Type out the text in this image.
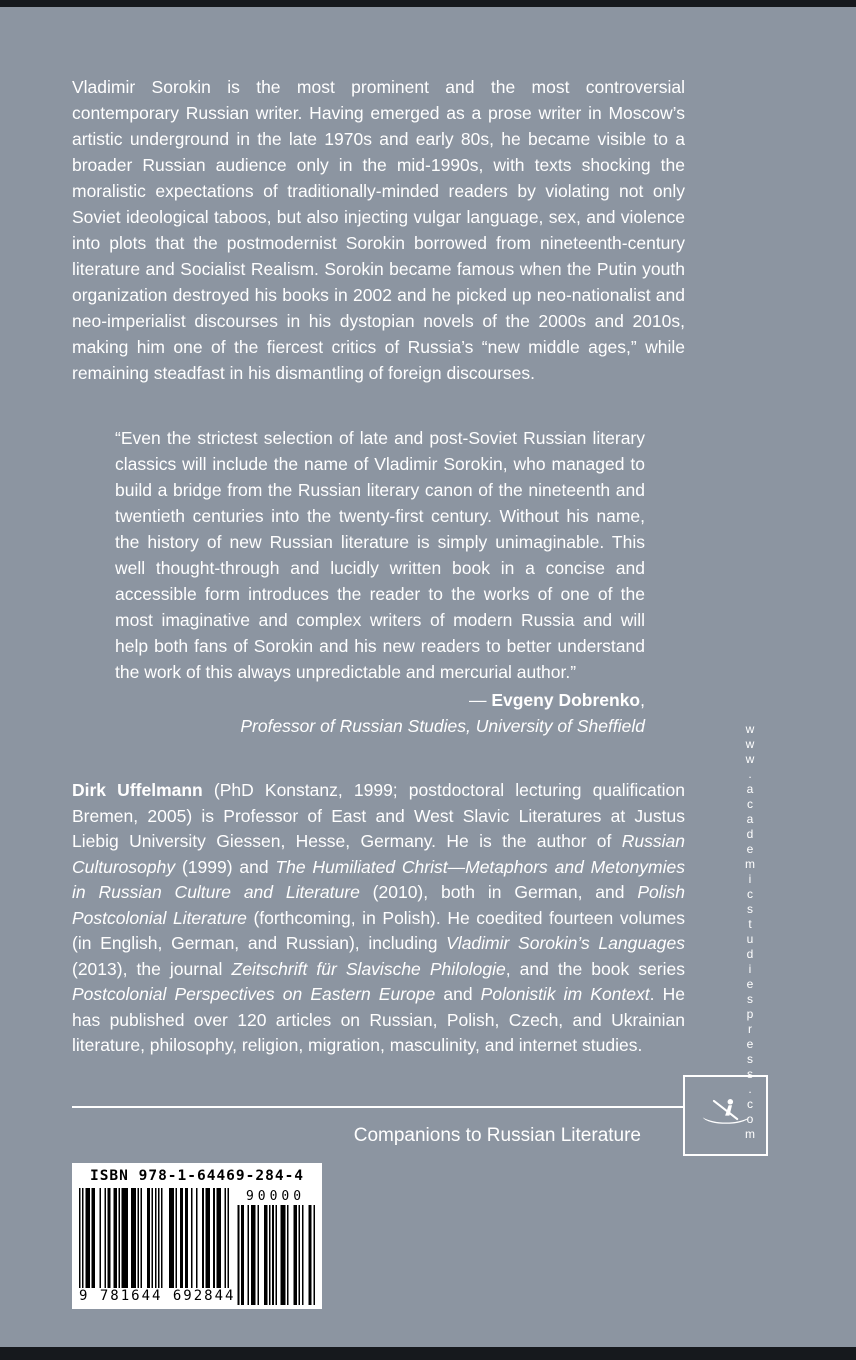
Vladimir Sorokin is the most prominent and the most controversial contemporary Russian writer. Having emerged as a prose writer in Moscow’s artistic underground in the late 1970s and early 80s, he became visible to a broader Russian audience only in the mid-1990s, with texts shocking the moralistic expectations of traditionally-minded readers by violating not only Soviet ideological taboos, but also injecting vulgar language, sex, and violence into plots that the postmodernist Sorokin borrowed from nineteenth-century literature and Socialist Realism. Sorokin became famous when the Putin youth organization destroyed his books in 2002 and he picked up neo-nationalist and neo-imperialist discourses in his dystopian novels of the 2000s and 2010s, making him one of the fiercest critics of Russia’s “new middle ages,” while remaining steadfast in his dismantling of foreign discourses.

“Even the strictest selection of late and post-Soviet Russian literary classics will include the name of Vladimir Sorokin, who managed to build a bridge from the Russian literary canon of the nineteenth and twentieth centuries into the twenty-first century. Without his name, the history of new Russian literature is simply unimaginable. This well thought-through and lucidly written book in a concise and accessible form introduces the reader to the works of one of the most imaginative and complex writers of modern Russia and will help both fans of Sorokin and his new readers to better understand the work of this always unpredictable and mercurial author.”
— Evgeny Dobrenko,
Professor of Russian Studies, University of Sheffield
Dirk Uffelmann (PhD Konstanz, 1999; postdoctoral lecturing qualification Bremen, 2005) is Professor of East and West Slavic Literatures at Justus Liebig University Giessen, Hesse, Germany. He is the author of Russian Culturosophy (1999) and The Humiliated Christ—Metaphors and Metonymies in Russian Culture and Literature (2010), both in German, and Polish Postcolonial Literature (forthcoming, in Polish). He coedited fourteen volumes (in English, German, and Russian), including Vladimir Sorokin’s Languages (2013), the journal Zeitschrift für Slavische Philologie, and the book series Postcolonial Perspectives on Eastern Europe and Polonistik im Kontext. He has published over 120 articles on Russian, Polish, Czech, and Ukrainian literature, philosophy, religion, migration, masculinity, and internet studies.
Companions to Russian Literature	www.academicstudiespress.com
ISBN 978-1-64469-284-4
9 781644 692844
90000
